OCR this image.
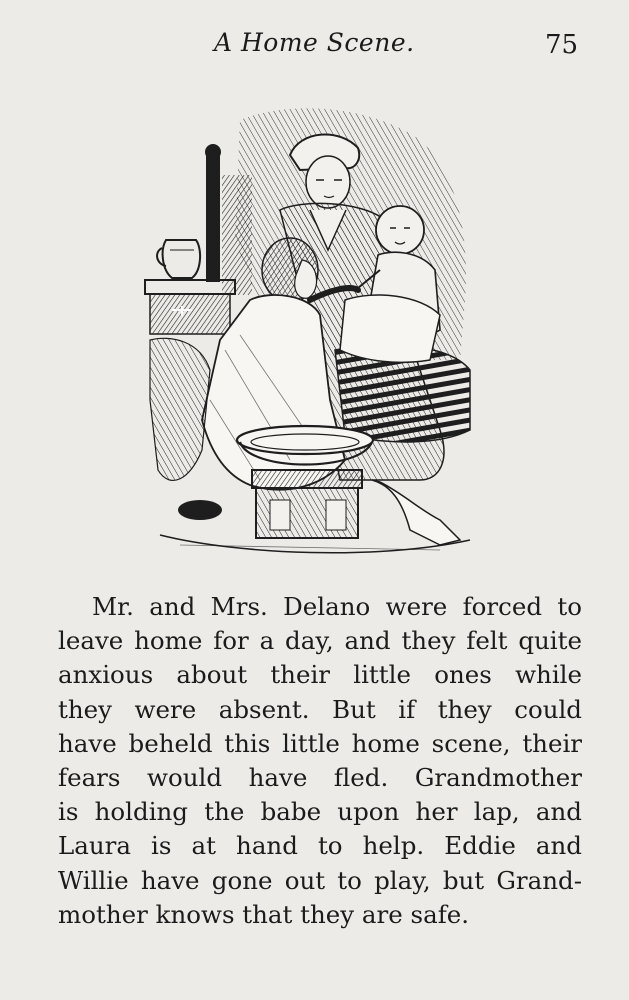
A Home Scene.	75
Mr. and Mrs. Delano were forced to
leave home for a day, and they felt quite
anxious about their little ones while
they were absent. But if they could
have beheld this little home scene, their
fears would have fled. Grandmother
is holding the babe upon her lap, and
Laura is at hand to help. Eddie and
Willie have gone out to play, but Grand-
mother knows that they are safe.
